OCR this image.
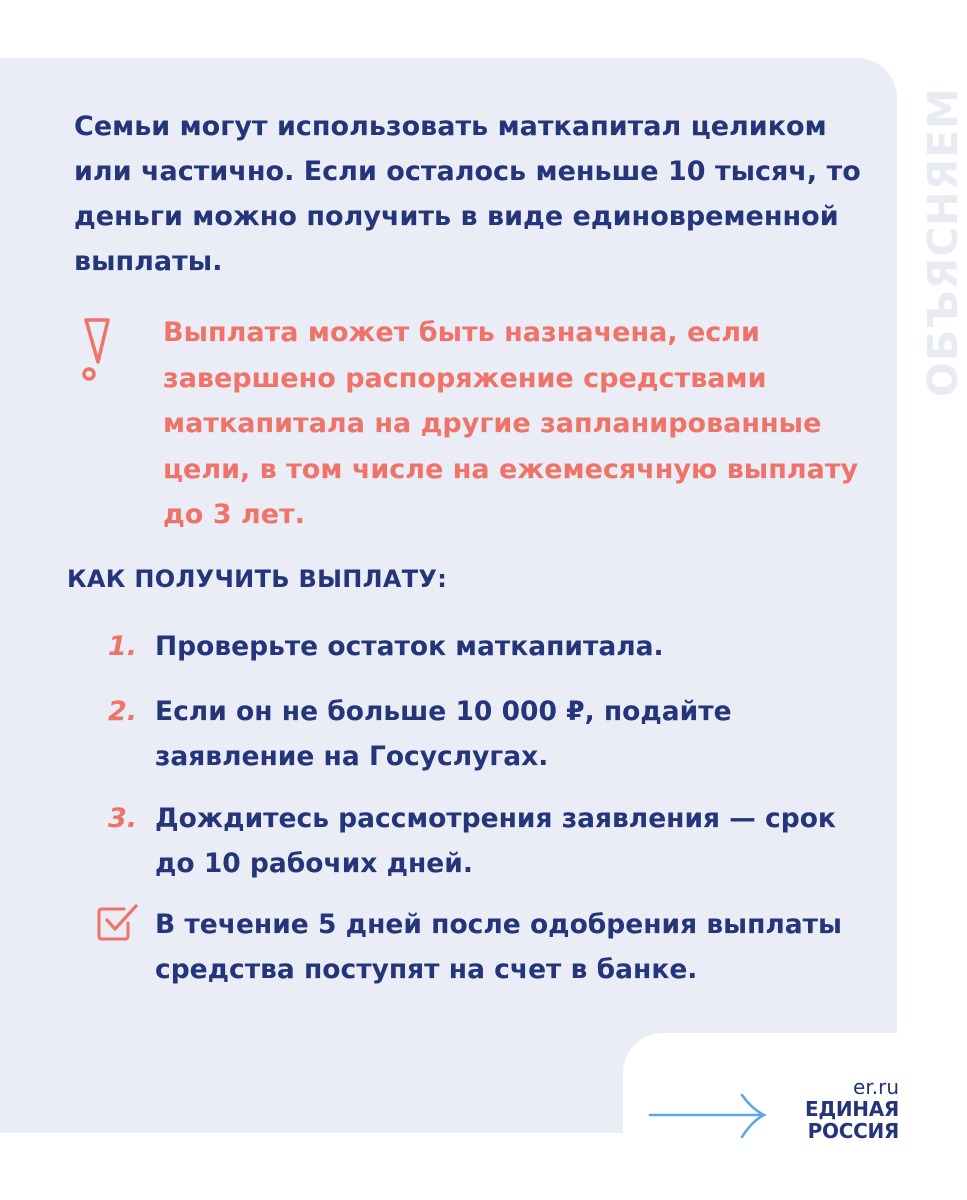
ОБЪЯСНЯЕМ
Семьи могут использовать маткапитал целиком или частично. Если осталось меньше 10 тысяч, то деньги можно получить в виде единовременной выплаты.
Выплата может быть назначена, если завершено распоряжение средствами маткапитала на другие запланированные цели, в том числе на ежемесячную выплату до 3 лет.
КАК ПОЛУЧИТЬ ВЫПЛАТУ:
1. Проверьте остаток маткапитала.
2. Если он не больше 10 000 ₽, подайте заявление на Госуслугах.
3. Дождитесь рассмотрения заявления — срок до 10 рабочих дней.
В течение 5 дней после одобрения выплаты средства поступят на счет в банке.
er.ru
ЕДИНАЯ
РОССИЯ
